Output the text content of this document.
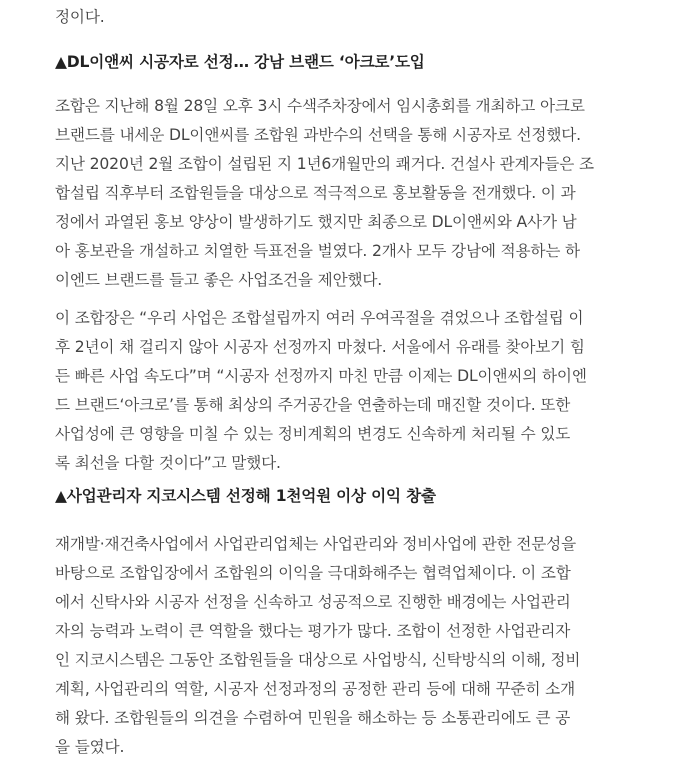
정이다.

▲DL이앤씨 시공자로 선정… 강남 브랜드 ‘아크로’도입

조합은 지난해 8월 28일 오후 3시 수색주차장에서 임시총회를 개최하고 아크로

브랜드를 내세운 DL이앤씨를 조합원 과반수의 선택을 통해 시공자로 선정했다.

지난 2020년 2월 조합이 설립된 지 1년6개월만의 쾌거다. 건설사 관계자들은 조

합설립 직후부터 조합원들을 대상으로 적극적으로 홍보활동을 전개했다. 이 과

정에서 과열된 홍보 양상이 발생하기도 했지만 최종으로 DL이앤씨와 A사가 남

아 홍보관을 개설하고 치열한 득표전을 벌였다. 2개사 모두 강남에 적용하는 하

이엔드 브랜드를 들고 좋은 사업조건을 제안했다.

이 조합장은 “우리 사업은 조합설립까지 여러 우여곡절을 겪었으나 조합설립 이

후 2년이 채 걸리지 않아 시공자 선정까지 마쳤다. 서울에서 유래를 찾아보기 힘

든 빠른 사업 속도다”며 “시공자 선정까지 마친 만큼 이제는 DL이앤씨의 하이엔

드 브랜드‘아크로’를 통해 최상의 주거공간을 연출하는데 매진할 것이다. 또한

사업성에 큰 영향을 미칠 수 있는 정비계획의 변경도 신속하게 처리될 수 있도

록 최선을 다할 것이다”고 말했다.

▲사업관리자 지코시스템 선정해 1천억원 이상 이익 창출

재개발·재건축사업에서 사업관리업체는 사업관리와 정비사업에 관한 전문성을

바탕으로 조합입장에서 조합원의 이익을 극대화해주는 협력업체이다. 이 조합

에서 신탁사와 시공자 선정을 신속하고 성공적으로 진행한 배경에는 사업관리

자의 능력과 노력이 큰 역할을 했다는 평가가 많다. 조합이 선정한 사업관리자

인 지코시스템은 그동안 조합원들을 대상으로 사업방식, 신탁방식의 이해, 정비

계획, 사업관리의 역할, 시공자 선정과정의 공정한 관리 등에 대해 꾸준히 소개

해 왔다. 조합원들의 의견을 수렴하여 민원을 해소하는 등 소통관리에도 큰 공

을 들였다.
